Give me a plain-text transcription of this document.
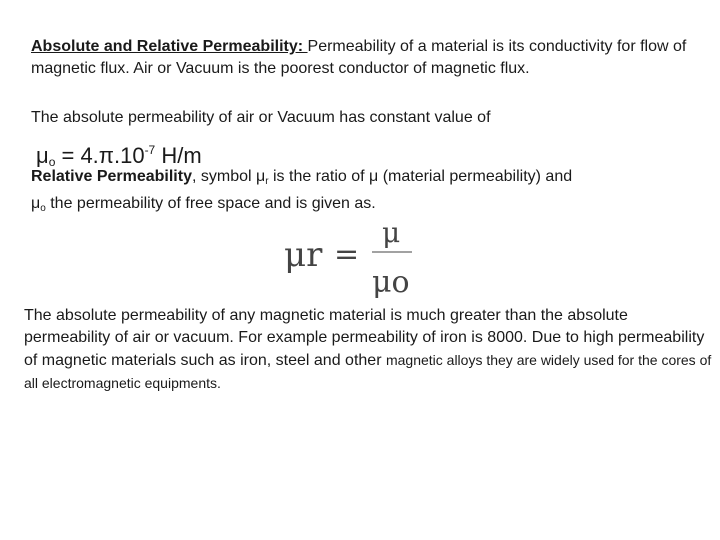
Absolute and Relative Permeability: Permeability of a material is its conductivity for flow of magnetic flux. Air or Vacuum is the poorest conductor of magnetic flux.
The absolute permeability of air or Vacuum has constant value of
$\mu_o = 4.\pi.10^{-7}$ H/m
Relative Permeability, symbol $\mu_r$ is the ratio of μ (material permeability) and
$\mu_o$ the permeability of free space and is given as.
μr =
μ
μo
The absolute permeability of any magnetic material is much greater than the absolute permeability of air or vacuum. For example permeability of iron is 8000. Due to high permeability of magnetic materials such as iron, steel and other magnetic alloys they are widely used for the cores of all electromagnetic equipments.
